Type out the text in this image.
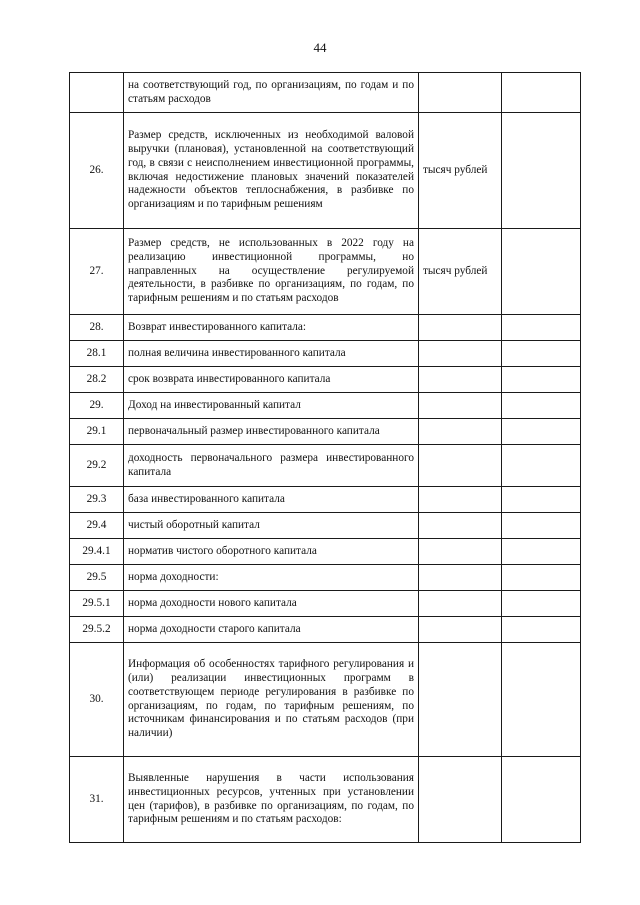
44
	на соответствующий год, по организациям, по годам и по статьям расходов		
26.	Размер средств, исключенных из необходимой валовой выручки (плановая), установленной на соответствующий год, в связи с неисполнением инвестиционной программы, включая недостижение плановых значений показателей надежности объектов теплоснабжения, в разбивке по организациям и по тарифным решениям	тысяч рублей	
27.	Размер средств, не использованных в 2022 году на реализацию инвестиционной программы, но направленных на осуществление регулируемой деятельности, в разбивке по организациям, по годам, по тарифным решениям и по статьям расходов	тысяч рублей	
28.	Возврат инвестированного капитала:		
28.1	полная величина инвестированного капитала		
28.2	срок возврата инвестированного капитала		
29.	Доход на инвестированный капитал		
29.1	первоначальный размер инвестированного капитала		
29.2	доходность первоначального размера инвестированного капитала		
29.3	база инвестированного капитала		
29.4	чистый оборотный капитал		
29.4.1	норматив чистого оборотного капитала		
29.5	норма доходности:		
29.5.1	норма доходности нового капитала		
29.5.2	норма доходности старого капитала		
30.	Информация об особенностях тарифного регулирования и (или) реализации инвестиционных программ в соответствующем периоде регулирования в разбивке по организациям, по годам, по тарифным решениям, по источникам финансирования и по статьям расходов (при наличии)		
31.	Выявленные нарушения в части использования инвестиционных ресурсов, учтенных при установлении цен (тарифов), в разбивке по организациям, по годам, по тарифным решениям и по статьям расходов:		
